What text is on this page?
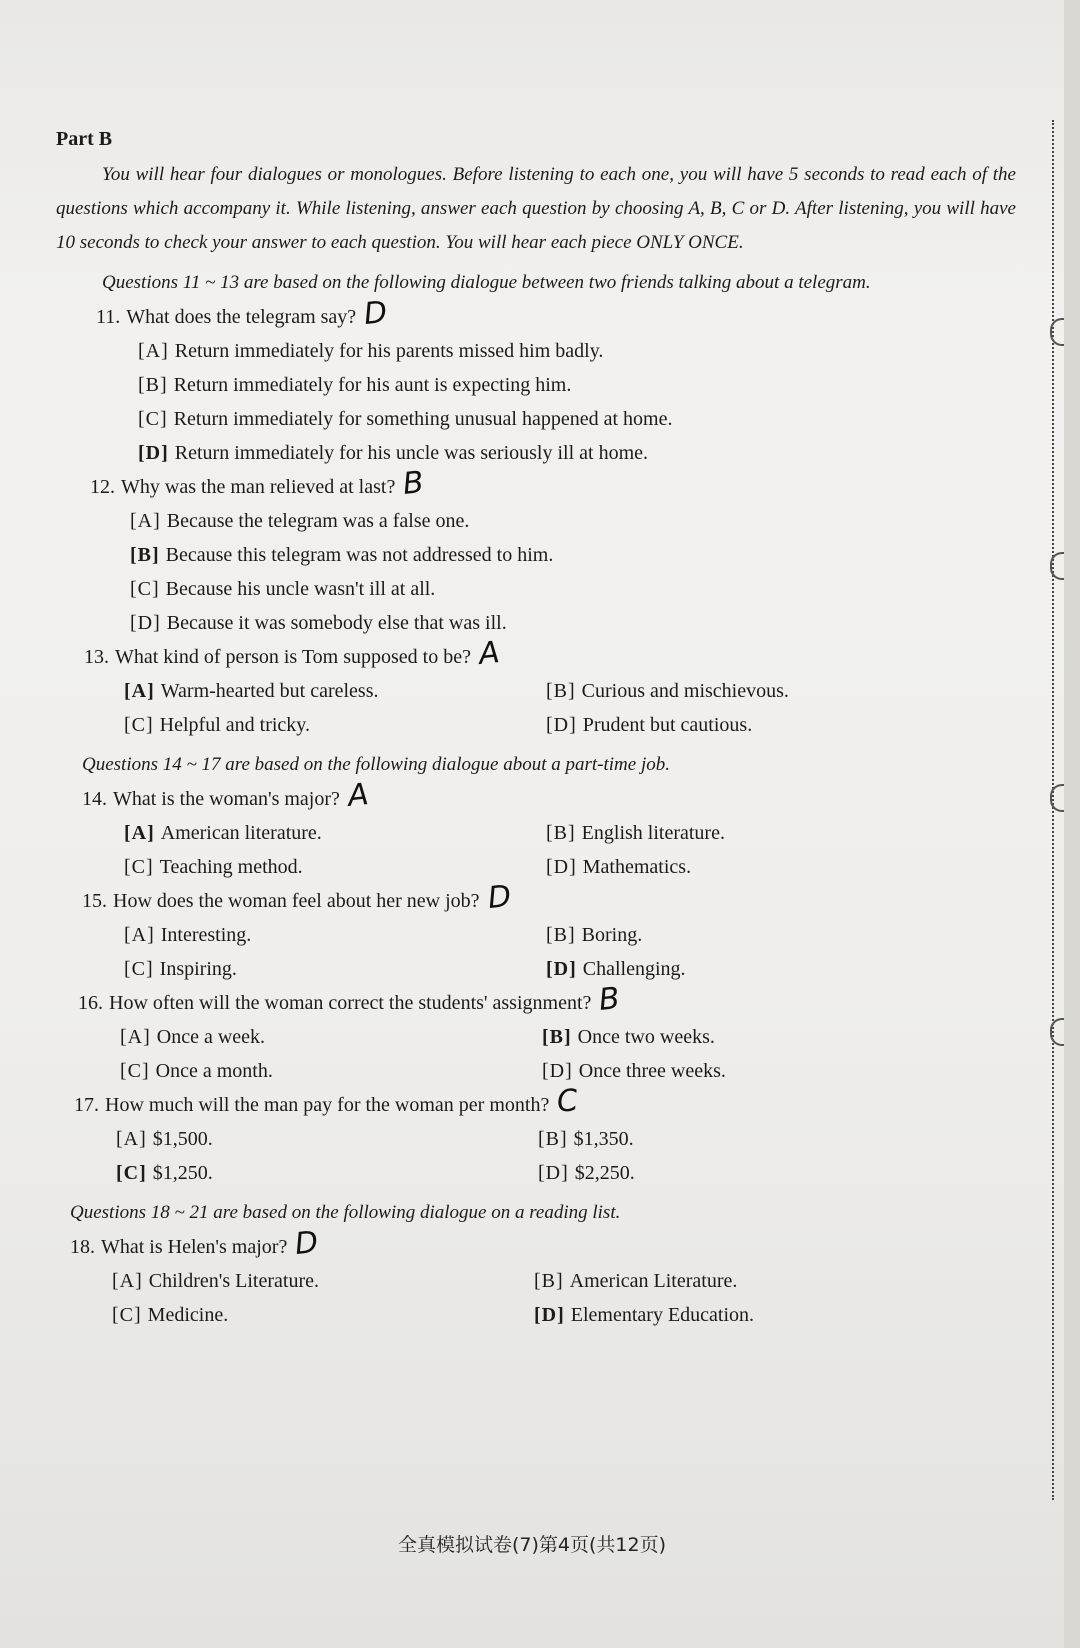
Part B
You will hear four dialogues or monologues. Before listening to each one, you will have 5 seconds to read each of the questions which accompany it. While listening, answer each question by choosing A, B, C or D. After listening, you will have 10 seconds to check your answer to each question. You will hear each piece ONLY ONCE.
Questions 11 ~ 13 are based on the following dialogue between two friends talking about a telegram.
11. What does the telegram say? D
[A] Return immediately for his parents missed him badly.
[B] Return immediately for his aunt is expecting him.
[C] Return immediately for something unusual happened at home.
[D] Return immediately for his uncle was seriously ill at home.
12. Why was the man relieved at last? B
[A] Because the telegram was a false one.
[B] Because this telegram was not addressed to him.
[C] Because his uncle wasn't ill at all.
[D] Because it was somebody else that was ill.
13. What kind of person is Tom supposed to be? A
[A] Warm-hearted but careless.	[B] Curious and mischievous.
[C] Helpful and tricky.	[D] Prudent but cautious.
Questions 14 ~ 17 are based on the following dialogue about a part-time job.
14. What is the woman's major? A
[A] American literature.	[B] English literature.
[C] Teaching method.	[D] Mathematics.
15. How does the woman feel about her new job? D
[A] Interesting.	[B] Boring.
[C] Inspiring.	[D] Challenging.
16. How often will the woman correct the students' assignment? B
[A] Once a week.	[B] Once two weeks.
[C] Once a month.	[D] Once three weeks.
17. How much will the man pay for the woman per month? C
[A] $1,500.	[B] $1,350.
[C] $1,250.	[D] $2,250.
Questions 18 ~ 21 are based on the following dialogue on a reading list.
18. What is Helen's major? D
[A] Children's Literature.	[B] American Literature.
[C] Medicine.	[D] Elementary Education.
全真模拟试卷(7)第4页(共12页)
